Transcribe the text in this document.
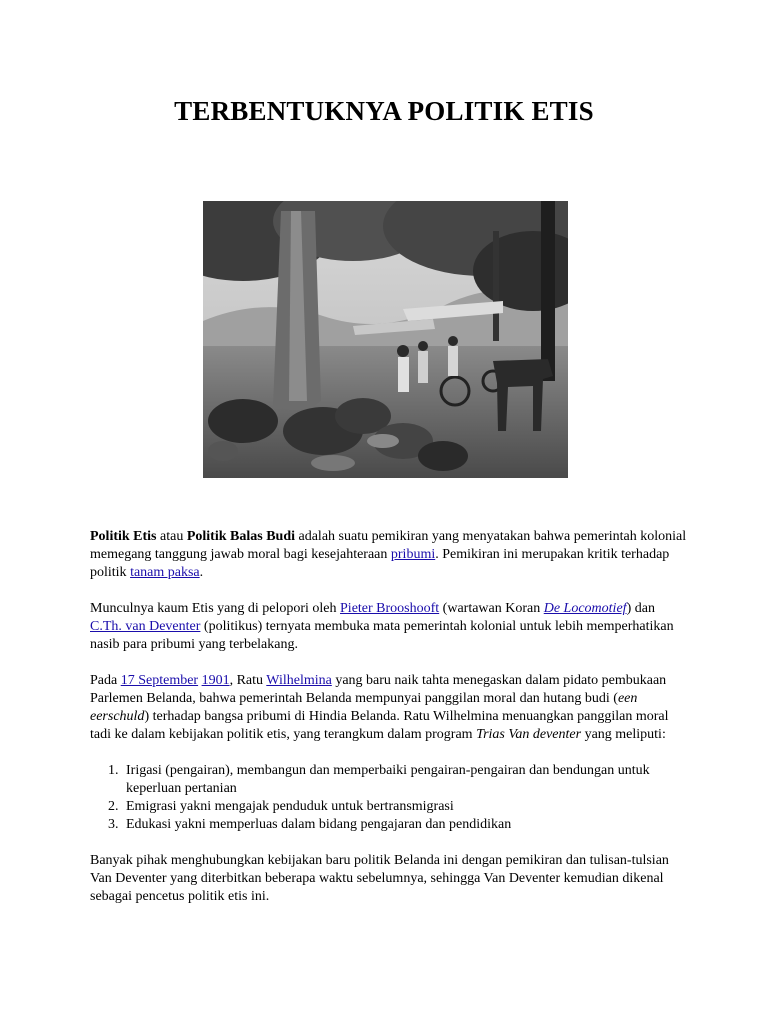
TERBENTUKNYA POLITIK ETIS

Politik Etis atau Politik Balas Budi adalah suatu pemikiran yang menyatakan bahwa pemerintah kolonial memegang tanggung jawab moral bagi kesejahteraan pribumi. Pemikiran ini merupakan kritik terhadap politik tanam paksa.

Munculnya kaum Etis yang di pelopori oleh Pieter Brooshooft (wartawan Koran De Locomotief) dan C.Th. van Deventer (politikus) ternyata membuka mata pemerintah kolonial untuk lebih memperhatikan nasib para pribumi yang terbelakang.

Pada 17 September 1901, Ratu Wilhelmina yang baru naik tahta menegaskan dalam pidato pembukaan Parlemen Belanda, bahwa pemerintah Belanda mempunyai panggilan moral dan hutang budi (een eerschuld) terhadap bangsa pribumi di Hindia Belanda. Ratu Wilhelmina menuangkan panggilan moral tadi ke dalam kebijakan politik etis, yang terangkum dalam program Trias Van deventer yang meliputi:

1. Irigasi (pengairan), membangun dan memperbaiki pengairan-pengairan dan bendungan untuk keperluan pertanian
2. Emigrasi yakni mengajak penduduk untuk bertransmigrasi
3. Edukasi yakni memperluas dalam bidang pengajaran dan pendidikan

Banyak pihak menghubungkan kebijakan baru politik Belanda ini dengan pemikiran dan tulisan-tulsian Van Deventer yang diterbitkan beberapa waktu sebelumnya, sehingga Van Deventer kemudian dikenal sebagai pencetus politik etis ini.
